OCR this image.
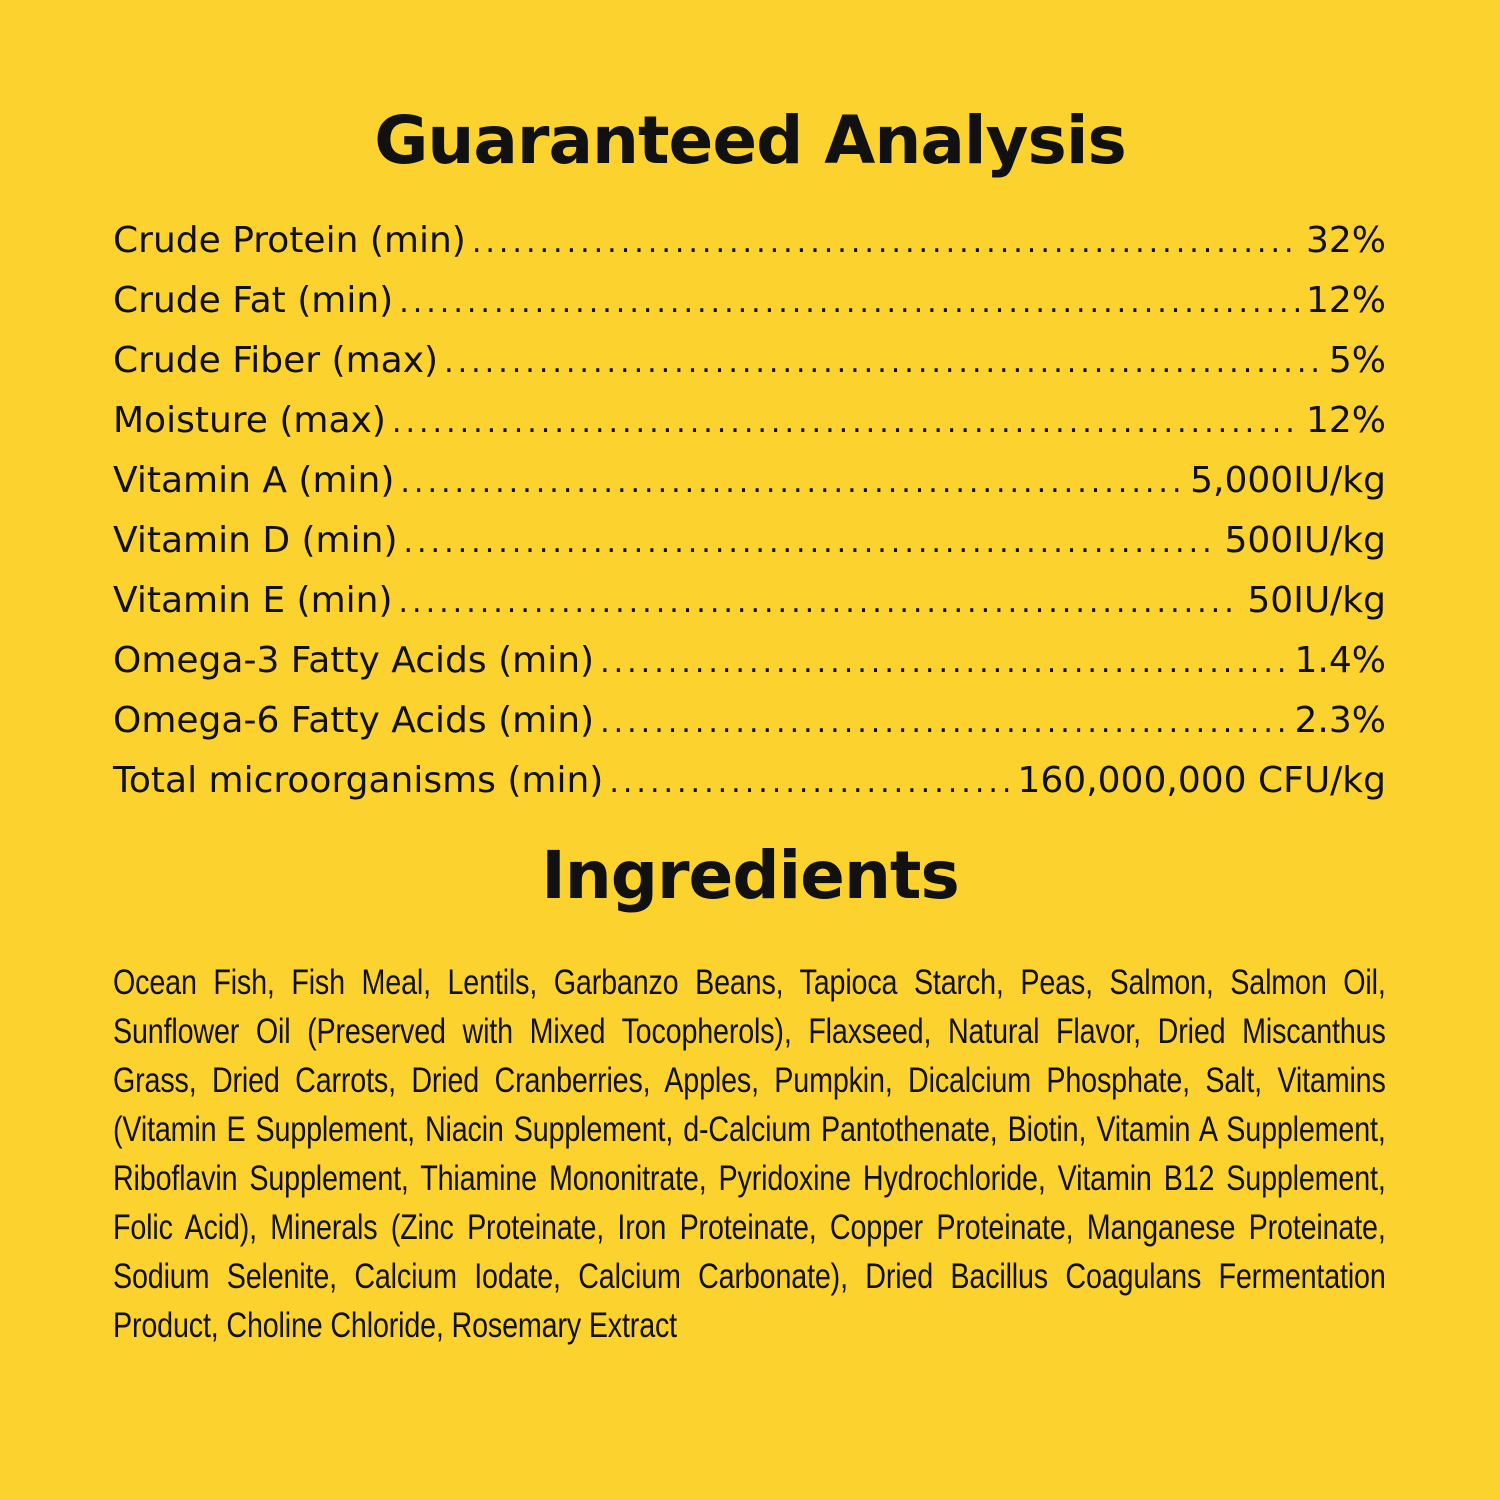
Guaranteed Analysis
Crude Protein (min) .....	32%
Crude Fat (min) .....	12%
Crude Fiber (max) .....	5%
Moisture (max) .....	12%
Vitamin A (min) .....	5,000IU/kg
Vitamin D (min) .....	500IU/kg
Vitamin E (min) .....	50IU/kg
Omega-3 Fatty Acids (min) .....	1.4%
Omega-6 Fatty Acids (min) .....	2.3%
Total microorganisms (min) .....	160,000,000 CFU/kg
Ingredients

Ocean Fish, Fish Meal, Lentils, Garbanzo Beans, Tapioca Starch, Peas, Salmon, Salmon Oil, Sunflower Oil (Preserved with Mixed Tocopherols), Flaxseed, Natural Flavor, Dried Miscanthus Grass, Dried Carrots, Dried Cranberries, Apples, Pumpkin, Dicalcium Phosphate, Salt, Vitamins (Vitamin E Supplement, Niacin Supplement, d-Calcium Pantothenate, Biotin, Vitamin A Supplement, Riboflavin Supplement, Thiamine Mononitrate, Pyridoxine Hydrochloride, Vitamin B12 Supplement, Folic Acid), Minerals (Zinc Proteinate, Iron Proteinate, Copper Proteinate, Manganese Proteinate, Sodium Selenite, Calcium Iodate, Calcium Carbonate), Dried Bacillus Coagulans Fermentation Product, Choline Chloride, Rosemary Extract
